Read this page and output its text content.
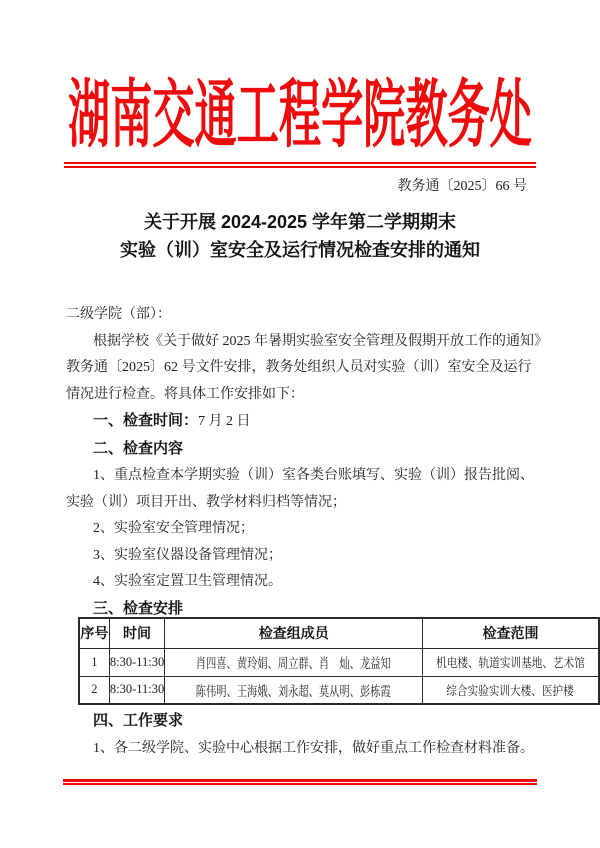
湖南交通工程学院教务处
教务通〔2025〕66 号
关于开展 2024-2025 学年第二学期期末
实验（训）室安全及运行情况检查安排的通知
二级学院（部）：
根据学校《关于做好 2025 年暑期实验室安全管理及假期开放工作的通知》
教务通〔2025〕62 号文件安排，教务处组织人员对实验（训）室安全及运行
情况进行检查。将具体工作安排如下：
一、检查时间：7 月 2 日
二、检查内容
1、重点检查本学期实验（训）室各类台账填写、实验（训）报告批阅、
实验（训）项目开出、教学材料归档等情况；
2、实验室安全管理情况；
3、实验室仪器设备管理情况；
4、实验室定置卫生管理情况。
三、检查安排
序号	时间	检查组成员	检查范围
1	8:30-11:30	肖四喜、黄玲娟、周立群、肖　灿、龙益知	机电楼、轨道实训基地、艺术馆

2	8:30-11:30	陈伟明、王海娥、刘永超、莫从明、彭栋霞	综合实验实训大楼、医护楼
四、工作要求
1、各二级学院、实验中心根据工作安排，做好重点工作检查材料准备。
